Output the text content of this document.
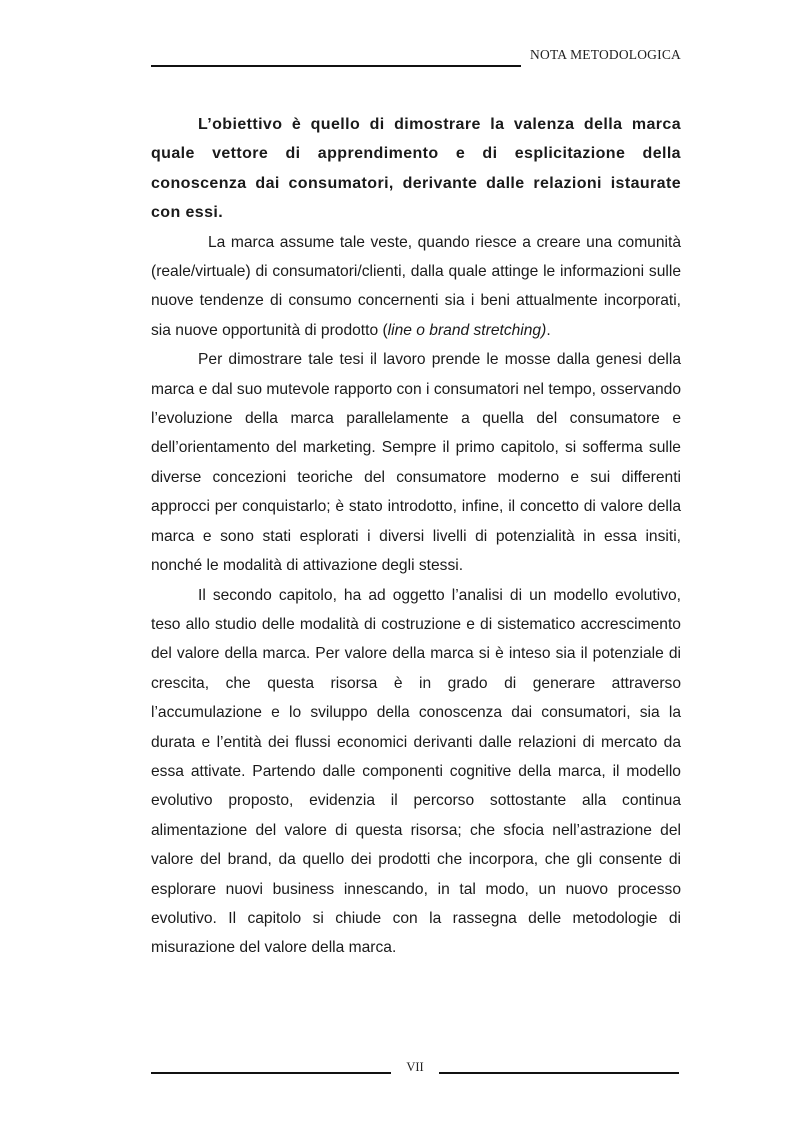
NOTA METODOLOGICA

L’obiettivo è quello di dimostrare la valenza della marca quale vettore di apprendimento e di esplicitazione della conoscenza dai consumatori, derivante dalle relazioni istaurate con essi.

La marca assume tale veste, quando riesce a creare una comunità (reale/virtuale) di consumatori/clienti, dalla quale attinge le informazioni sulle nuove tendenze di consumo concernenti sia i beni attualmente incorporati, sia nuove opportunità di prodotto (line o brand stretching).

Per dimostrare tale tesi il lavoro prende le mosse dalla genesi della marca e dal suo mutevole rapporto con i consumatori nel tempo, osservando l’evoluzione della marca parallelamente a quella del consumatore e dell’orientamento del marketing. Sempre il primo capitolo, si sofferma sulle diverse concezioni teoriche del consumatore moderno e sui differenti approcci per conquistarlo; è stato introdotto, infine, il concetto di valore della marca e sono stati esplorati i diversi livelli di potenzialità in essa insiti, nonché le modalità di attivazione degli stessi.

Il secondo capitolo, ha ad oggetto l’analisi di un modello evolutivo, teso allo studio delle modalità di costruzione e di sistematico accrescimento del valore della marca. Per valore della marca si è inteso sia il potenziale di crescita, che questa risorsa è in grado di generare attraverso l’accumulazione e lo sviluppo della conoscenza dai consumatori, sia la durata e l’entità dei flussi economici derivanti dalle relazioni di mercato da essa attivate. Partendo dalle componenti cognitive della marca, il modello evolutivo proposto, evidenzia il percorso sottostante alla continua alimentazione del valore di questa risorsa; che sfocia nell’astrazione del valore del brand, da quello dei prodotti che incorpora, che gli consente di esplorare nuovi business innescando, in tal modo, un nuovo processo evolutivo. Il capitolo si chiude con la rassegna delle metodologie di misurazione del valore della marca.

VII
